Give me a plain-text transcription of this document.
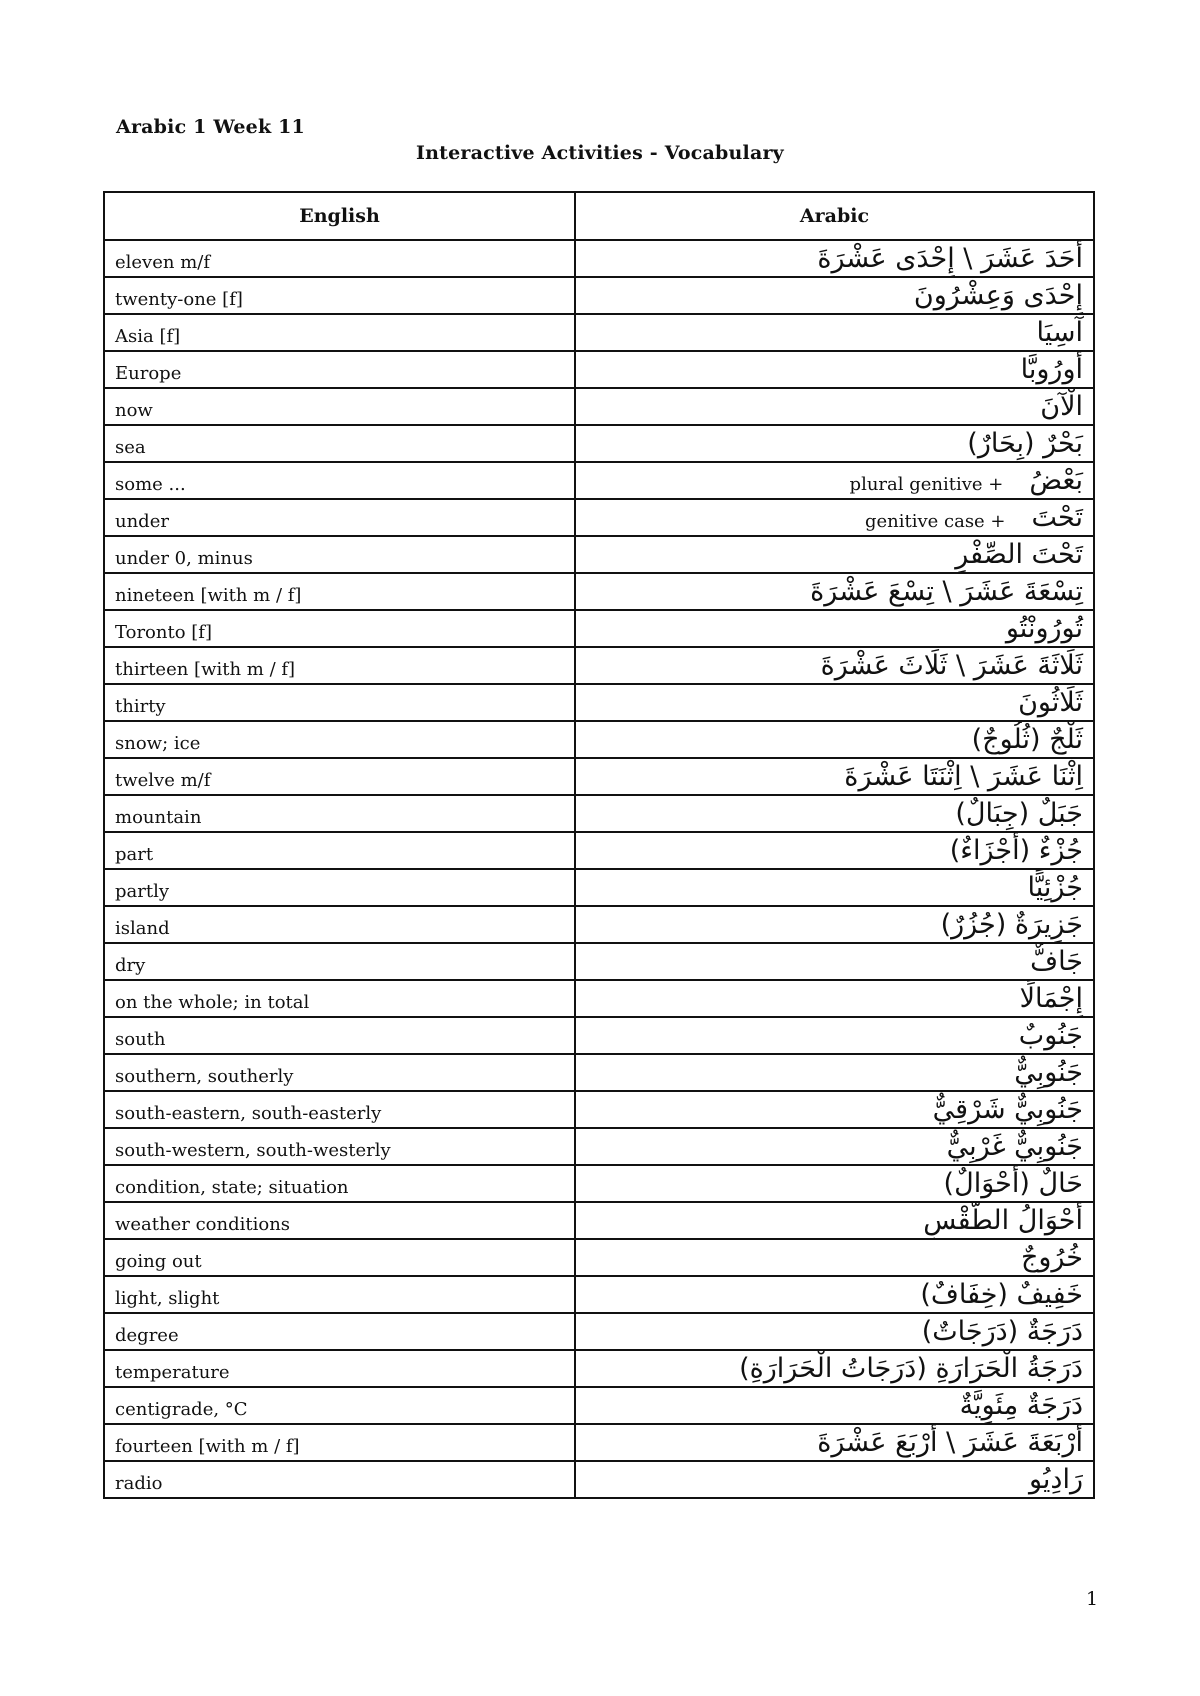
Arabic 1 Week 11
Interactive Activities - Vocabulary
English	Arabic
eleven m/f	أَحَدَ عَشَرَ \ إِحْدَى عَشْرَةَ
twenty-one [f]	إِحْدَى وَعِشْرُونَ
Asia [f]	آسِيَا
Europe	أُورُوبَّا
now	الْآنَ
sea	بَحْرٌ (بِحَارٌ)
some ...	plural genitive + بَعْضُ
under	genitive case + تَحْتَ
under 0, minus	تَحْتَ الصِّفْرِ
nineteen [with m / f]	تِسْعَةَ عَشَرَ \ تِسْعَ عَشْرَةَ
Toronto [f]	تُورُونْتُو
thirteen [with m / f]	ثَلَاثَةَ عَشَرَ \ ثَلَاثَ عَشْرَةَ
thirty	ثَلَاثُونَ
snow; ice	ثَلْجٌ (ثُلُوجٌ)
twelve m/f	اِثْنَا عَشَرَ \ اِثْنَتَا عَشْرَةَ
mountain	جَبَلٌ (جِبَالٌ)
part	جُزْءٌ (أَجْزَاءٌ)
partly	جُزْئِيًّا
island	جَزِيرَةٌ (جُزُرٌ)
dry	جَافٌّ
on the whole; in total	إِجْمَالًا
south	جَنُوبٌ
southern, southerly	جَنُوبِيٌّ
south-eastern, south-easterly	جَنُوبِيٌّ شَرْقِيٌّ
south-western, south-westerly	جَنُوبِيٌّ غَرْبِيٌّ
condition, state; situation	حَالٌ (أَحْوَالٌ)
weather conditions	أَحْوَالُ الطَّقْسِ
going out	خُرُوجٌ
light, slight	خَفِيفٌ (خِفَافٌ)
degree	دَرَجَةٌ (دَرَجَاتٌ)
temperature	دَرَجَةُ الْحَرَارَةِ (دَرَجَاتُ الْحَرَارَةِ)
centigrade, °C	دَرَجَةٌ مِئَوِيَّةٌ
fourteen [with m / f]	أَرْبَعَةَ عَشَرَ \ أَرْبَعَ عَشْرَةَ
radio	رَادِيُو
1
